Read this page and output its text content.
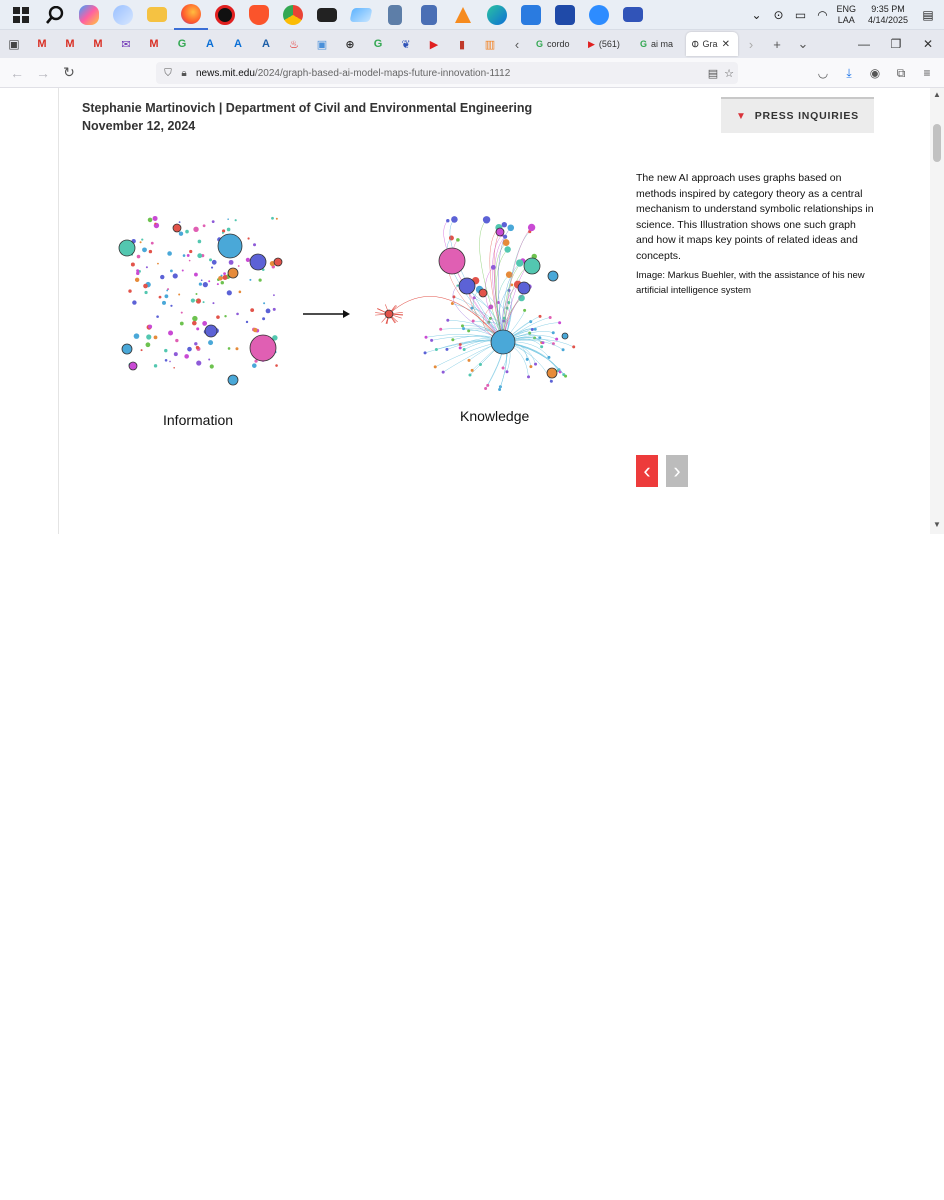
⌄ ⊙ ▭ ◠ ENG
LAA
9:35 PM
4/14/2025	▤
▣	M	M	M	✉	M	G	A	A	A	♨	▣	⊕	G	❦	▶	▮	▥	‹	G cordo ▶ (561) G ai ma ⦶ Gra ✕	›	+	⌄	—	❐	✕
← → ↻	⛉ 🔒︎ news.mit.edu/2024/graph-based-ai-model-maps-future-innovation-1112	▤ ☆	◡	⤓	◉	⧉	≡
Stephanie Martinovich | Department of Civil and Environmental Engineering
November 12, 2024
▼ PRESS INQUIRIES
Information	Knowledge
The new AI approach uses graphs based on methods inspired by category theory as a central mechanism to understand symbolic relationships in science. This Illustration shows one such graph and how it maps key points of related ideas and concepts.
Image: Markus Buehler, with the assistance of his new artificial intelligence system
‹ ›
▲
▼
